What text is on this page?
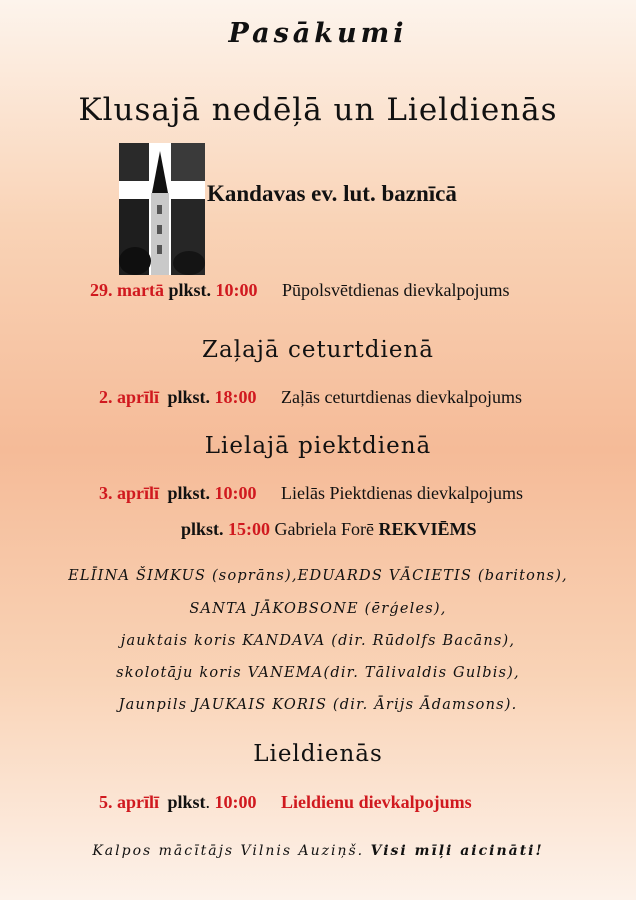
Pasākumi
Klusajā nedēļā un Lieldienās
Kandavas ev. lut. baznīcā
29. martā plkst. 10:00 Pūpolsvētdienas dievkalpojums
Zaļajā ceturtdienā
2. aprīlī plkst. 18:00 Zaļās ceturtdienas dievkalpojums
Lielajā piektdienā
3. aprīlī plkst. 10:00 Lielās Piektdienas dievkalpojums
plkst. 15:00 Gabriela Forē REKVIĒMS
ELĪINA ŠIMKUS (soprāns),EDUARDS VĀCIETIS (baritons),
SANTA JĀKOBSONE (ērģeles),
jauktais koris KANDAVA (dir. Rūdolfs Bacāns),
skolotāju koris VANEMA(dir. Tālivaldis Gulbis),
Jaunpils JAUKAIS KORIS (dir. Ārijs Ādamsons).
Lieldienās
5. aprīlī plkst. 10:00 Lieldienu dievkalpojums
Kalpos mācītājs Vilnis Auziņš. Visi mīļi aicināti!
